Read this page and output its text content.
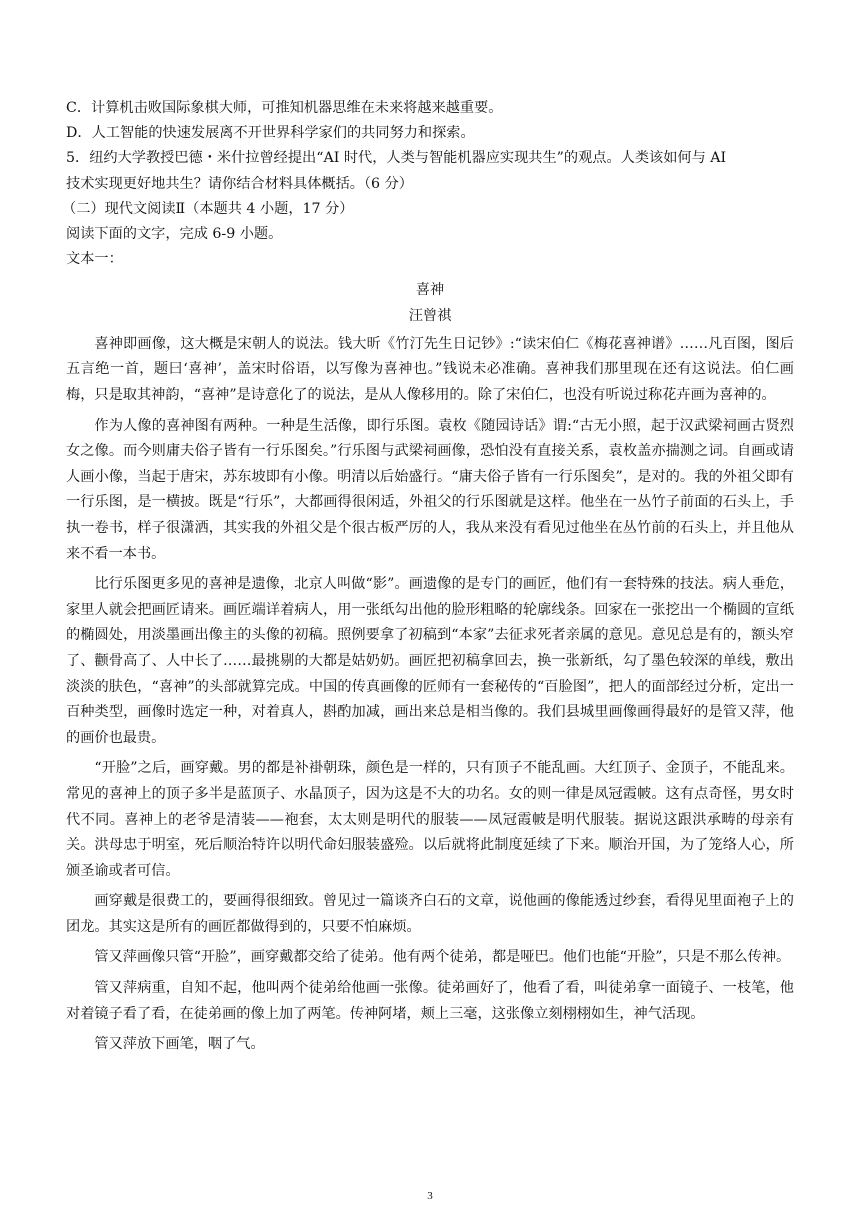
C．计算机击败国际象棋大师，可推知机器思维在未来将越来越重要。
D．人工智能的快速发展离不开世界科学家们的共同努力和探索。
5．纽约大学教授巴德・米什拉曾经提出“AI 时代，人类与智能机器应实现共生”的观点。人类该如何与 AI
技术实现更好地共生？请你结合材料具体概括。（6 分）
（二）现代文阅读Ⅱ（本题共 4 小题，17 分）
阅读下面的文字，完成 6-9 小题。
文本一：
喜神
汪曾祺

喜神即画像，这大概是宋朝人的说法。钱大昕《竹汀先生日记钞》:“读宋伯仁《梅花喜神谱》……凡百图，图后五言绝一首，题曰‘喜神’，盖宋时俗语，以写像为喜神也。”钱说未必准确。喜神我们那里现在还有这说法。伯仁画梅，只是取其神韵，“喜神”是诗意化了的说法，是从人像移用的。除了宋伯仁，也没有听说过称花卉画为喜神的。

作为人像的喜神图有两种。一种是生活像，即行乐图。袁枚《随园诗话》谓:“古无小照，起于汉武梁祠画古贤烈女之像。而今则庸夫俗子皆有一行乐图矣。”行乐图与武梁祠画像，恐怕没有直接关系，袁枚盖亦揣测之词。自画或请人画小像，当起于唐宋，苏东坡即有小像。明清以后始盛行。“庸夫俗子皆有一行乐图矣”，是对的。我的外祖父即有一行乐图，是一横披。既是“行乐”，大都画得很闲适，外祖父的行乐图就是这样。他坐在一丛竹子前面的石头上，手执一卷书，样子很潇洒，其实我的外祖父是个很古板严厉的人，我从来没有看见过他坐在丛竹前的石头上，并且他从来不看一本书。

比行乐图更多见的喜神是遗像，北京人叫做“影”。画遗像的是专门的画匠，他们有一套特殊的技法。病人垂危，家里人就会把画匠请来。画匠端详着病人，用一张纸勾出他的脸形粗略的轮廓线条。回家在一张挖出一个椭圆的宣纸的椭圆处，用淡墨画出像主的头像的初稿。照例要拿了初稿到“本家”去征求死者亲属的意见。意见总是有的，额头窄了、颧骨高了、人中长了……最挑剔的大都是姑奶奶。画匠把初稿拿回去，换一张新纸，勾了墨色较深的单线，敷出淡淡的肤色，“喜神”的头部就算完成。中国的传真画像的匠师有一套秘传的“百脸图”，把人的面部经过分析，定出一百种类型，画像时选定一种，对着真人，斟酌加减，画出来总是相当像的。我们县城里画像画得最好的是管又萍，他的画价也最贵。

“开脸”之后，画穿戴。男的都是补褂朝珠，颜色是一样的，只有顶子不能乱画。大红顶子、金顶子，不能乱来。常见的喜神上的顶子多半是蓝顶子、水晶顶子，因为这是不大的功名。女的则一律是凤冠霞帔。这有点奇怪，男女时代不同。喜神上的老爷是清装——袍套，太太则是明代的服装——凤冠霞帔是明代服装。据说这跟洪承畴的母亲有关。洪母忠于明室，死后顺治特许以明代命妇服装盛殓。以后就将此制度延续了下来。顺治开国，为了笼络人心，所颁圣谕或者可信。

画穿戴是很费工的，要画得很细致。曾见过一篇谈齐白石的文章，说他画的像能透过纱套，看得见里面袍子上的团龙。其实这是所有的画匠都做得到的，只要不怕麻烦。

管又萍画像只管“开脸”，画穿戴都交给了徒弟。他有两个徒弟，都是哑巴。他们也能“开脸”，只是不那么传神。

管又萍病重，自知不起，他叫两个徒弟给他画一张像。徒弟画好了，他看了看，叫徒弟拿一面镜子、一枝笔，他对着镜子看了看，在徒弟画的像上加了两笔。传神阿堵，颊上三毫，这张像立刻栩栩如生，神气活现。

管又萍放下画笔，咽了气。

3
